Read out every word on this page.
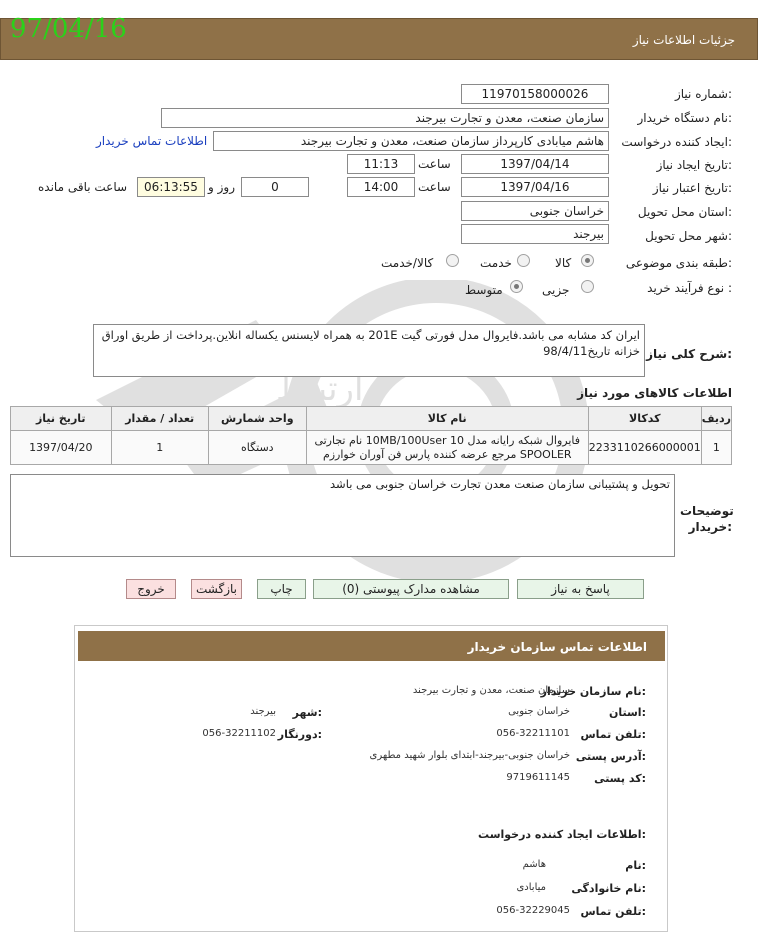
جزئیات اطلاعات نیاز
97/04/16
ارتباط
شماره نیاز:
1197015800002​6
نام دستگاه خریدار:
سازمان صنعت، معدن و تجارت بیرجند
ایجاد کننده درخواست:
هاشم میابادی کارپرداز سازمان صنعت، معدن و تجارت بیرجند
اطلاعات تماس خریدار
تاریخ ایجاد نیاز:
1397/04/14
ساعت
11:13
تاریخ اعتبار نیاز:
1397/04/16
ساعت
14:00
0
روز و
06:13:55
ساعت باقی مانده
استان محل تحویل:
خراسان جنوبی
شهر محل تحویل:
بیرجند
طبقه بندی موضوعی:
کالا
خدمت
کالا/خدمت
نوع فرآیند خرید :
جزیی
متوسط
شرح کلی نیاز:
ایران کد مشابه می باشد.فایروال مدل فورتی گیت 201E به همراه لایسنس یکساله انلاین.پرداخت از طریق اوراق خزانه تاریخ98/4/11
اطلاعات کالاهای مورد نیاز
ردیف	کدکالا	نام کالا	واحد شمارش	تعداد / مقدار	تاریخ نیاز
1	2233110266000001	فایروال شبکه رایانه مدل 10 10MB/100User نام تجارتی SPOOLER مرجع عرضه کننده پارس فن آوران خوارزم	دستگاه	1	1397/04/20
توضیحات خریدار:
تحویل و پشتیبانی سازمان صنعت معدن تجارت خراسان جنوبی می باشد
پاسخ به نیاز
مشاهده مدارک پیوستی (0)
چاپ
بازگشت
خروج
اطلاعات تماس سازمان خریدار
نام سازمان خریدار:
سازمان صنعت، معدن و تجارت بیرجند
استان:
خراسان جنوبی
شهر:
بیرجند
تلفن تماس:
056-32211101
دورنگار:
056-32211102
آدرس پستی:
خراسان جنوبی-بیرجند-ابتدای بلوار شهید مطهری
کد پستی:
9719611145
اطلاعات ایجاد کننده درخواست:
نام:
هاشم
نام خانوادگی:
میابادی
تلفن تماس:
056-32229045
